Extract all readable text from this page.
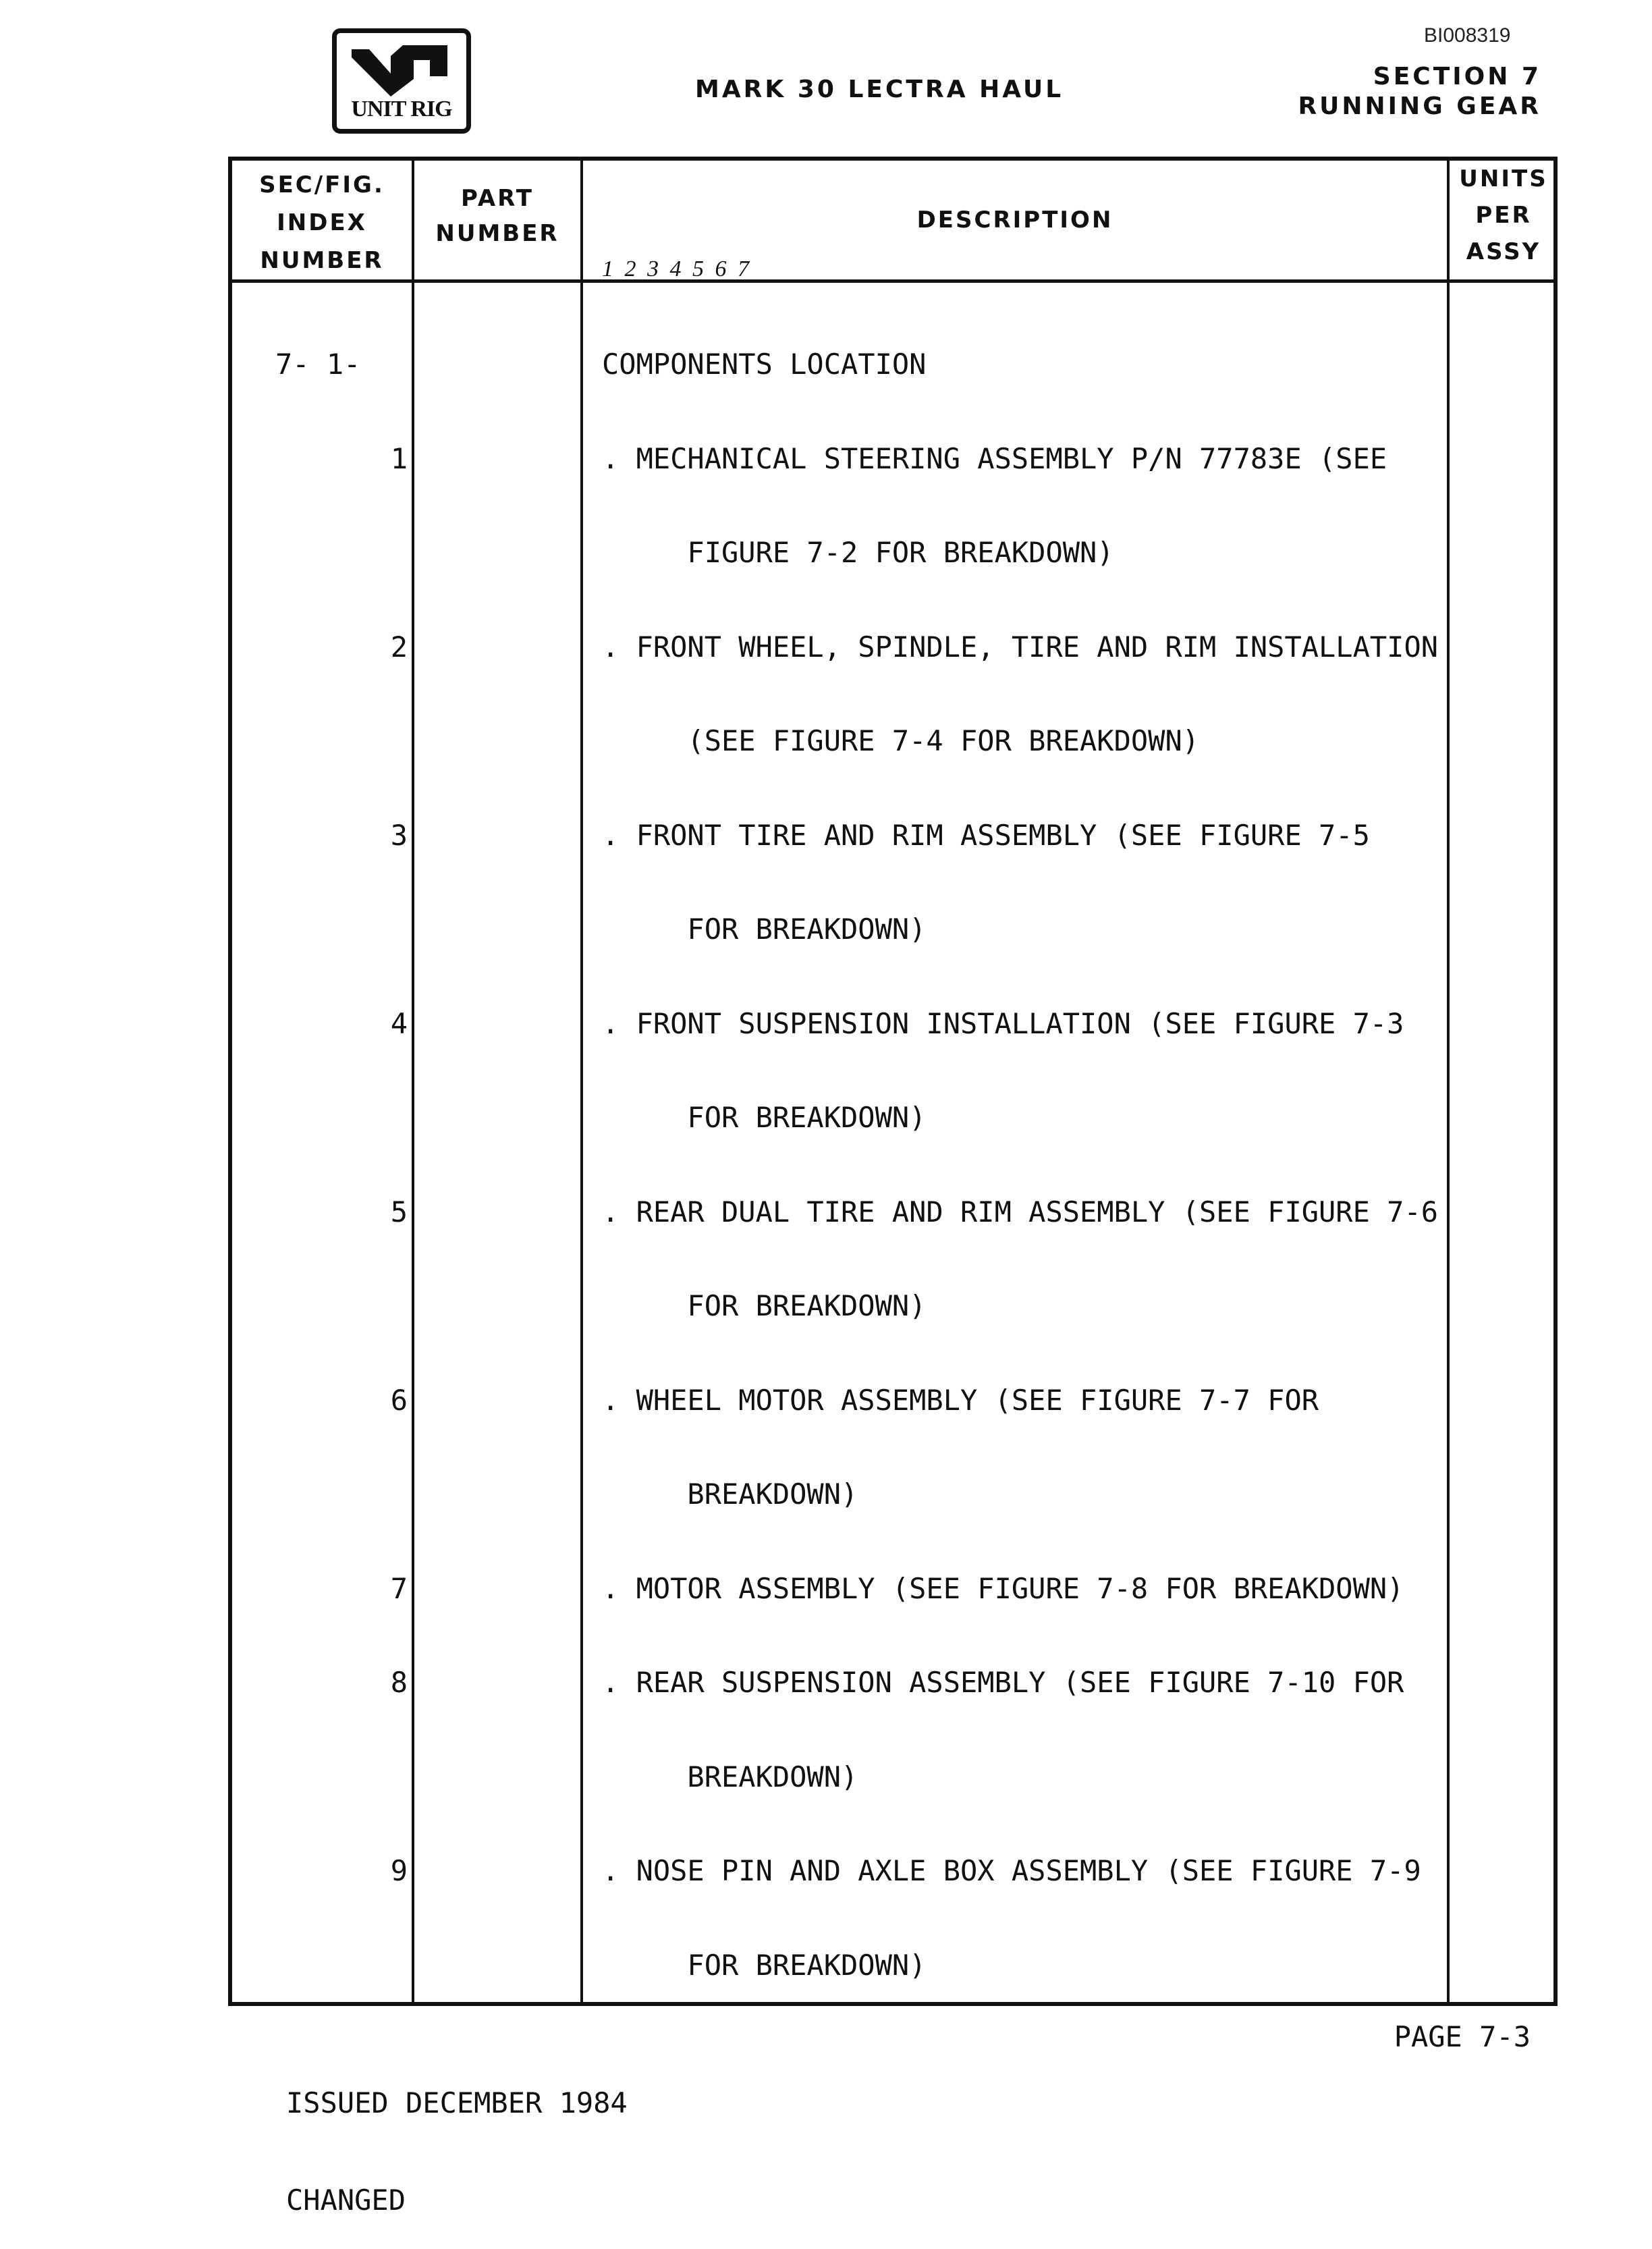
BI008319
UNIT RIG
MARK 30 LECTRA HAUL	SECTION 7
RUNNING GEAR
SEC/FIG.
INDEX
NUMBER
PART
NUMBER	DESCRIPTION
1 2 3 4 5 6 7
UNITS
PER
ASSY

7- 1-

1

2

3

4

5

6

7

8

9

COMPONENTS LOCATION

. MECHANICAL STEERING ASSEMBLY P/N 77783E (SEE

FIGURE 7-2 FOR BREAKDOWN)

. FRONT WHEEL, SPINDLE, TIRE AND RIM INSTALLATION

(SEE FIGURE 7-4 FOR BREAKDOWN)

. FRONT TIRE AND RIM ASSEMBLY (SEE FIGURE 7-5

FOR BREAKDOWN)

. FRONT SUSPENSION INSTALLATION (SEE FIGURE 7-3

FOR BREAKDOWN)

. REAR DUAL TIRE AND RIM ASSEMBLY (SEE FIGURE 7-6

FOR BREAKDOWN)

. WHEEL MOTOR ASSEMBLY (SEE FIGURE 7-7 FOR

BREAKDOWN)

. MOTOR ASSEMBLY (SEE FIGURE 7-8 FOR BREAKDOWN)

. REAR SUSPENSION ASSEMBLY (SEE FIGURE 7-10 FOR

BREAKDOWN)

. NOSE PIN AND AXLE BOX ASSEMBLY (SEE FIGURE 7-9

FOR BREAKDOWN)

ISSUED DECEMBER 1984

CHANGED

PAGE 7-3
